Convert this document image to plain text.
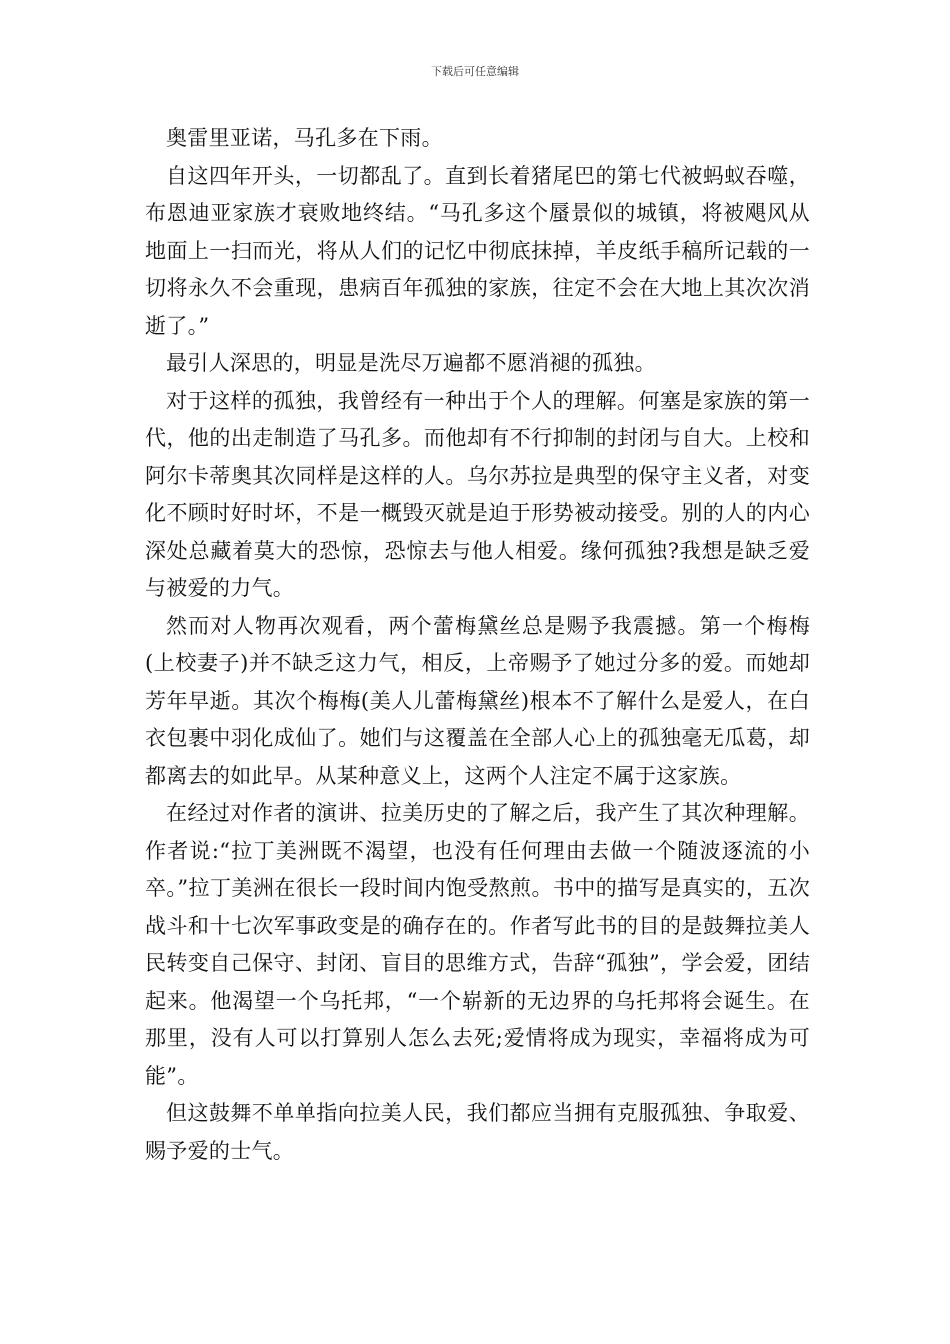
下载后可任意编辑

奥雷里亚诺，马孔多在下雨。

自这四年开头，一切都乱了。直到长着猪尾巴的第七代被蚂蚁吞噬，布恩迪亚家族才衰败地终结。“马孔多这个蜃景似的城镇，将被飓风从地面上一扫而光，将从人们的记忆中彻底抹掉，羊皮纸手稿所记载的一切将永久不会重现，患病百年孤独的家族，往定不会在大地上其次次消逝了。”

最引人深思的，明显是洗尽万遍都不愿消褪的孤独。

对于这样的孤独，我曾经有一种出于个人的理解。何塞是家族的第一代，他的出走制造了马孔多。而他却有不行抑制的封闭与自大。上校和阿尔卡蒂奥其次同样是这样的人。乌尔苏拉是典型的保守主义者，对变化不顾时好时坏，不是一概毁灭就是迫于形势被动接受。别的人的内心深处总藏着莫大的恐惊，恐惊去与他人相爱。缘何孤独?我想是缺乏爱与被爱的力气。

然而对人物再次观看，两个蕾梅黛丝总是赐予我震撼。第一个梅梅(上校妻子)并不缺乏这力气，相反，上帝赐予了她过分多的爱。而她却芳年早逝。其次个梅梅(美人儿蕾梅黛丝)根本不了解什么是爱人，在白衣包裹中羽化成仙了。她们与这覆盖在全部人心上的孤独毫无瓜葛，却都离去的如此早。从某种意义上，这两个人注定不属于这家族。

在经过对作者的演讲、拉美历史的了解之后，我产生了其次种理解。作者说:“拉丁美洲既不渴望，也没有任何理由去做一个随波逐流的小卒。”拉丁美洲在很长一段时间内饱受熬煎。书中的描写是真实的，五次战斗和十七次军事政变是的确存在的。作者写此书的目的是鼓舞拉美人民转变自己保守、封闭、盲目的思维方式，告辞“孤独”，学会爱，团结起来。他渴望一个乌托邦，“一个崭新的无边界的乌托邦将会诞生。在那里，没有人可以打算别人怎么去死;爱情将成为现实，幸福将成为可能”。

但这鼓舞不单单指向拉美人民，我们都应当拥有克服孤独、争取爱、赐予爱的士气。
